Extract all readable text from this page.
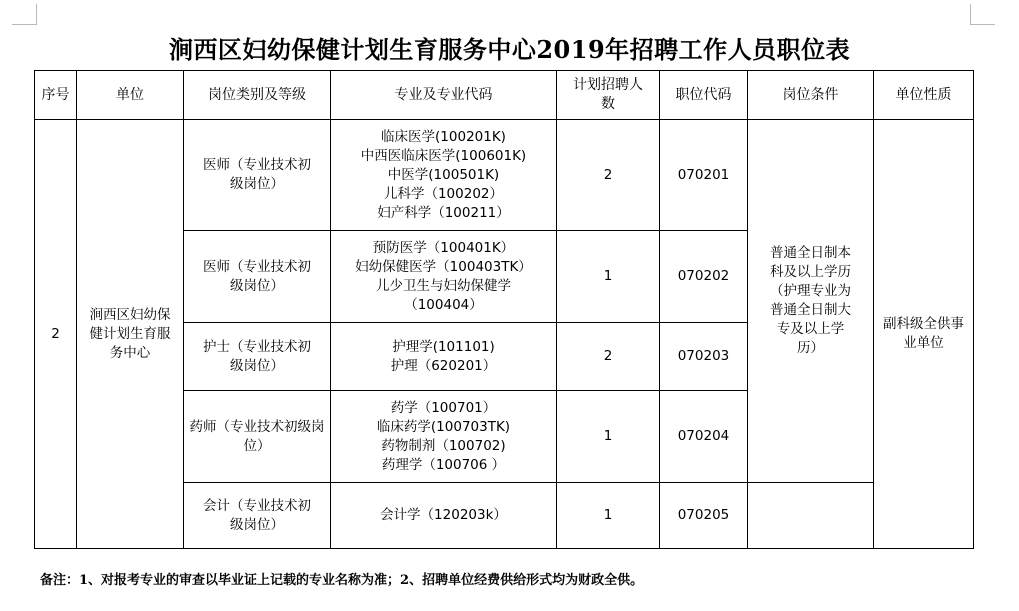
涧西区妇幼保健计划生育服务中心2019年招聘工作人员职位表
序号	单位	岗位类别及等级	专业及专业代码	计划招聘人数	职位代码	岗位条件	单位性质
2	涧西区妇幼保健计划生育服务中心	医师（专业技术初级岗位）	临床医学(100201K)
中西医临床医学(100601K)
中医学(100501K)
儿科学（100202）
妇产科学（100211）	2	070201	普通全日制本科及以上学历（护理专业为普通全日制大专及以上学历）	副科级全供事业单位
		医师（专业技术初级岗位）	预防医学（100401K）
妇幼保健医学（100403TK）
儿少卫生与妇幼保健学
（100404）	1	070202		
		护士（专业技术初级岗位）	护理学(101101)
护理（620201）	2	070203		
		药师（专业技术初级岗位）	药学（100701）
临床药学(100703TK)
药物制剂（100702)
药理学（100706 ）	1	070204		
		会计（专业技术初级岗位）	会计学（120203k）	1	070205		
备注：1、对报考专业的审查以毕业证上记载的专业名称为准；2、招聘单位经费供给形式均为财政全供。
